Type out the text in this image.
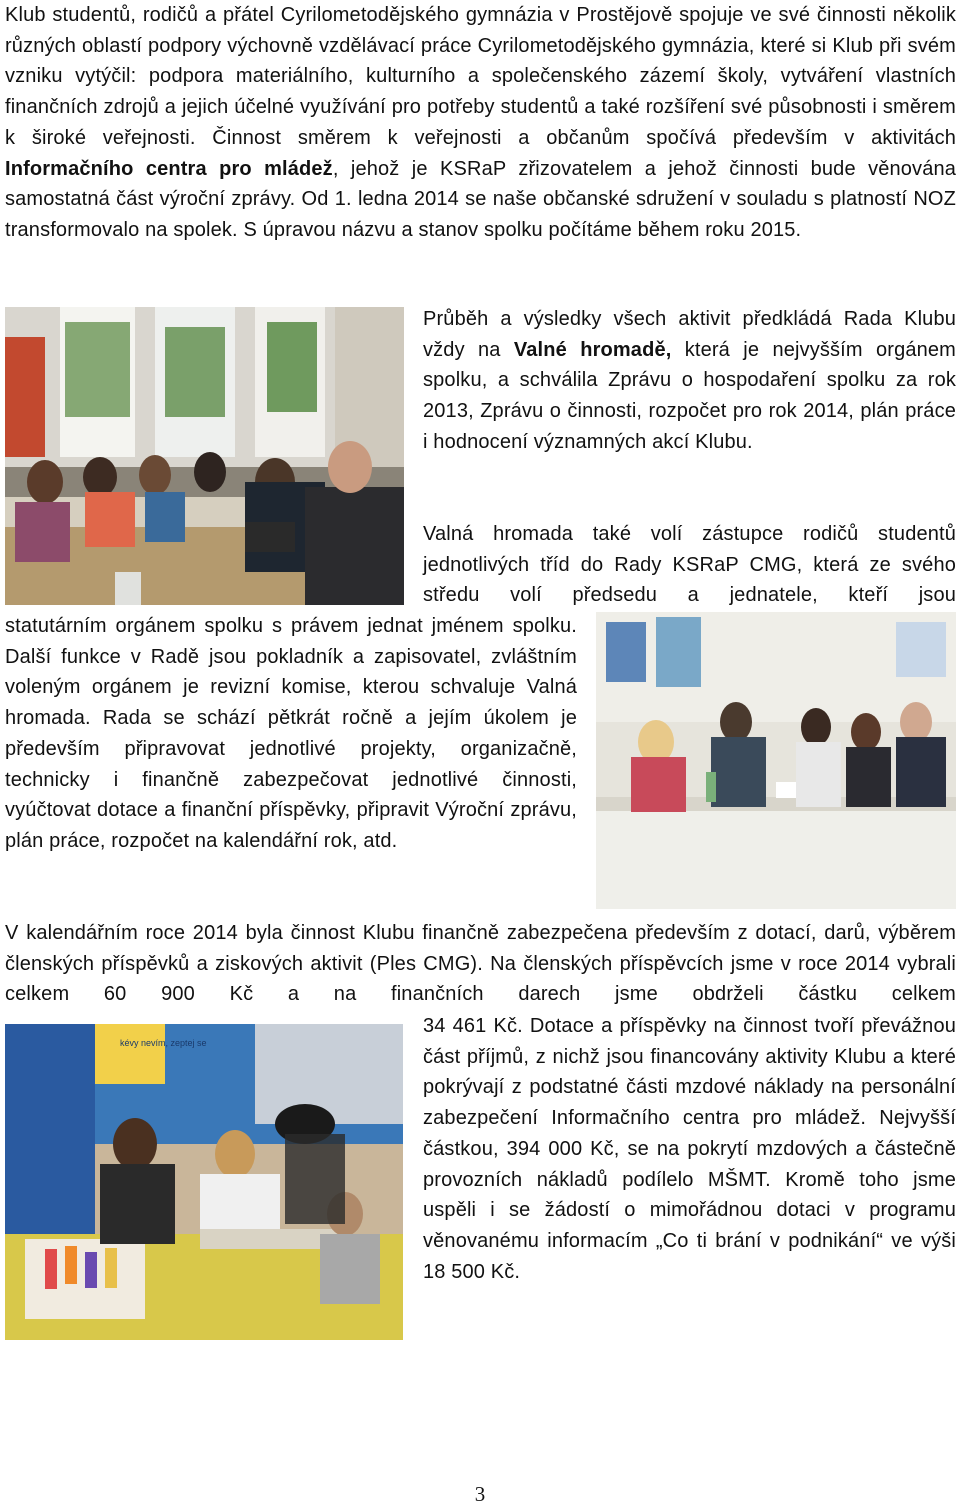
Klub studentů, rodičů a přátel Cyrilometodějského gymnázia v Prostějově spojuje ve své činnosti několik různých oblastí podpory výchovně vzdělávací práce Cyrilometodějského gymnázia, které si Klub při svém vzniku vytýčil: podpora materiálního, kulturního a společenského zázemí školy, vytváření vlastních finančních zdrojů a jejich účelné využívání pro potřeby studentů a také rozšíření své působnosti i směrem k široké veřejnosti. Činnost směrem k veřejnosti a občanům spočívá především v aktivitách Informačního centra pro mládež, jehož je KSRaP zřizovatelem a jehož činnosti bude věnována samostatná část výroční zprávy. Od 1. ledna 2014 se naše občanské sdružení v souladu s platností NOZ transformovalo na spolek. S úpravou názvu a stanov spolku počítáme během roku 2015.

Průběh a výsledky všech aktivit předkládá Rada Klubu vždy na Valné hromadě, která je nejvyšším orgánem spolku, a schválila Zprávu o hospodaření spolku za rok 2013, Zprávu o činnosti, rozpočet pro rok 2014, plán práce i hodnocení významných akcí Klubu.

Valná hromada také volí zástupce rodičů studentů jednotlivých tříd do Rady KSRaP CMG, která ze svého středu volí předsedu a jednatele, kteří jsou

statutárním orgánem spolku s právem jednat jménem spolku. Další funkce v Radě jsou pokladník a zapisovatel, zvláštním voleným orgánem je revizní komise, kterou schvaluje Valná hromada. Rada se schází pětkrát ročně a jejím úkolem je především připravovat jednotlivé projekty, organizačně, technicky i finančně zabezpečovat jednotlivé činnosti, vyúčtovat dotace a finanční příspěvky, připravit Výroční zprávu, plán práce, rozpočet na kalendářní rok, atd.

V kalendářním roce 2014 byla činnost Klubu finančně zabezpečena především z dotací, darů, výběrem členských příspěvků a ziskových aktivit (Ples CMG). Na členských příspěvcích jsme v roce 2014 vybrali celkem 60 900 Kč a na finančních darech jsme obdrželi částku celkem

kévy nevím, zeptej se

34 461 Kč. Dotace a příspěvky na činnost tvoří převážnou část příjmů, z nichž jsou financovány aktivity Klubu a které pokrývají z podstatné části mzdové náklady na personální zabezpečení Informačního centra pro mládež. Nejvyšší částkou, 394 000 Kč, se na pokrytí mzdových a částečně provozních nákladů podílelo MŠMT. Kromě toho jsme uspěli i se žádostí o mimořádnou dotaci v programu věnovanému informacím „Co ti brání v podnikání“ ve výši 18 500 Kč.

3
